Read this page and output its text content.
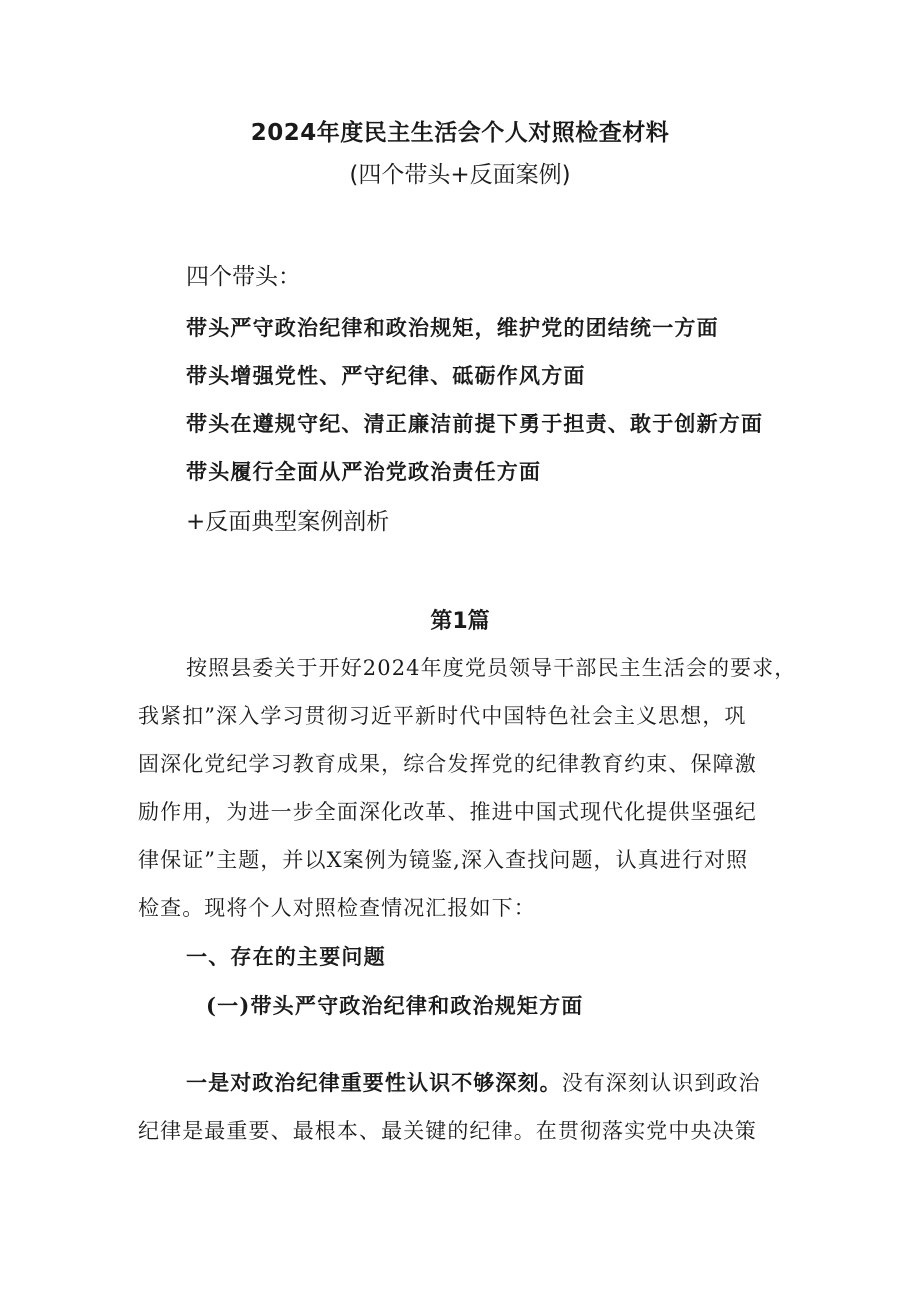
2024年度民主生活会个人对照检查材料
(四个带头+反面案例)
四个带头：
带头严守政治纪律和政治规矩，维护党的团结统一方面
带头增强党性、严守纪律、砥砺作风方面
带头在遵规守纪、清正廉洁前提下勇于担责、敢于创新方面
带头履行全面从严治党政治责任方面
+反面典型案例剖析
第1篇
按照县委关于开好2024年度党员领导干部民主生活会的要求，
我紧扣”深入学习贯彻习近平新时代中国特色社会主义思想，巩
固深化党纪学习教育成果，综合发挥党的纪律教育约束、保障激
励作用，为进一步全面深化改革、推进中国式现代化提供坚强纪
律保证”主题，并以X案例为镜鉴,深入查找问题，认真进行对照
检查。现将个人对照检查情况汇报如下：
一、存在的主要问题
(一)带头严守政治纪律和政治规矩方面
一是对政治纪律重要性认识不够深刻。没有深刻认识到政治
纪律是最重要、最根本、最关键的纪律。在贯彻落实党中央决策
